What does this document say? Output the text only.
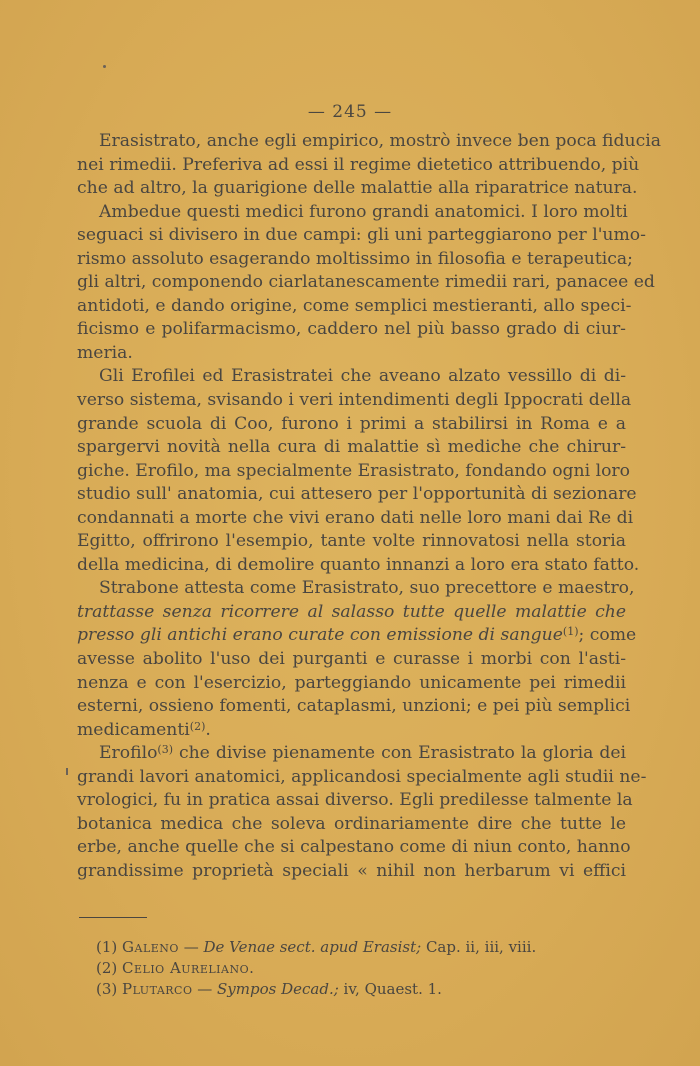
— 245 —
Erasistrato, anche egli empirico, mostrò invece ben poca fiducia
nei rimedii. Preferiva ad essi il regime dietetico attribuendo, più
che ad altro, la guarigione delle malattie alla riparatrice natura.
Ambedue questi medici furono grandi anatomici. I loro molti
seguaci si divisero in due campi: gli uni parteggiarono per l'umo-
rismo assoluto esagerando moltissimo in filosofia e terapeutica;
gli altri, componendo ciarlatanescamente rimedii rari, panacee ed
antidoti, e dando origine, come semplici mestieranti, allo speci-
ficismo e polifarmacismo, caddero nel più basso grado di ciur-
meria.
Gli Erofilei ed Erasistratei che aveano alzato vessillo di di-
verso sistema, svisando i veri intendimenti degli Ippocrati della
grande scuola di Coo, furono i primi a stabilirsi in Roma e a
spargervi novità nella cura di malattie sì mediche che chirur-
giche. Erofilo, ma specialmente Erasistrato, fondando ogni loro
studio sull' anatomia, cui attesero per l'opportunità di sezionare
condannati a morte che vivi erano dati nelle loro mani dai Re di
Egitto, offrirono l'esempio, tante volte rinnovatosi nella storia
della medicina, di demolire quanto innanzi a loro era stato fatto.
Strabone attesta come Erasistrato, suo precettore e maestro,
trattasse senza ricorrere al salasso tutte quelle malattie che
presso gli antichi erano curate con emissione di sangue$^{(1)}$; come
avesse abolito l'uso dei purganti e curasse i morbi con l'asti-
nenza e con l'esercizio, parteggiando unicamente pei rimedii
esterni, ossieno fomenti, cataplasmi, unzioni; e pei più semplici
medicamenti$^{(2)}$.
Erofilo$^{(3)}$ che divise pienamente con Erasistrato la gloria dei
grandi lavori anatomici, applicandosi specialmente agli studii ne-
vrologici, fu in pratica assai diverso. Egli predilesse talmente la
botanica medica che soleva ordinariamente dire che tutte le
erbe, anche quelle che si calpestano come di niun conto, hanno
grandissime proprietà speciali « nihil non herbarum vi effici
(1) Galeno — De Venae sect. apud Erasist; Cap. ii, iii, viii.
(2) Celio Aureliano.
(3) Plutarco — Sympos Decad.; iv, Quaest. 1.
